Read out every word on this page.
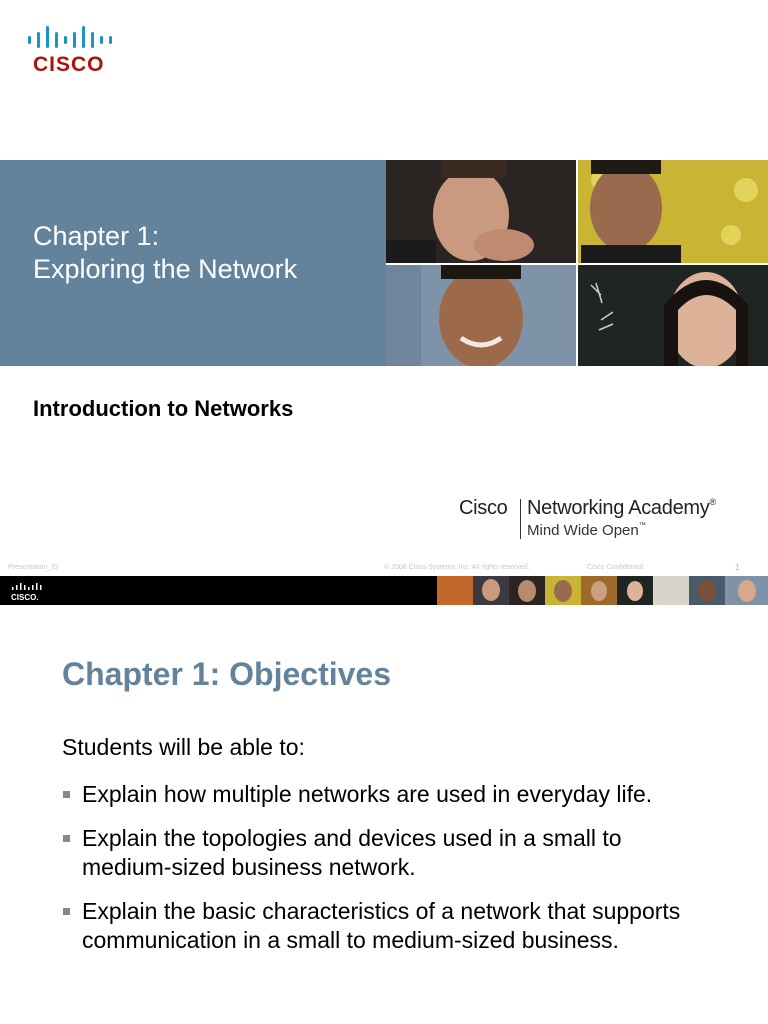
CISCO
Chapter 1:
Exploring the Network
Introduction to Networks
Cisco Networking Academy®
Mind Wide Open™
Presentation_ID	© 2008 Cisco Systems, Inc. All rights reserved.	Cisco Confidential	1
CISCO.
Chapter 1: Objectives
Students will be able to:
Explain how multiple networks are used in everyday life.
Explain the topologies and devices used in a small to medium-sized business network.
Explain the basic characteristics of a network that supports communication in a small to medium-sized business.
